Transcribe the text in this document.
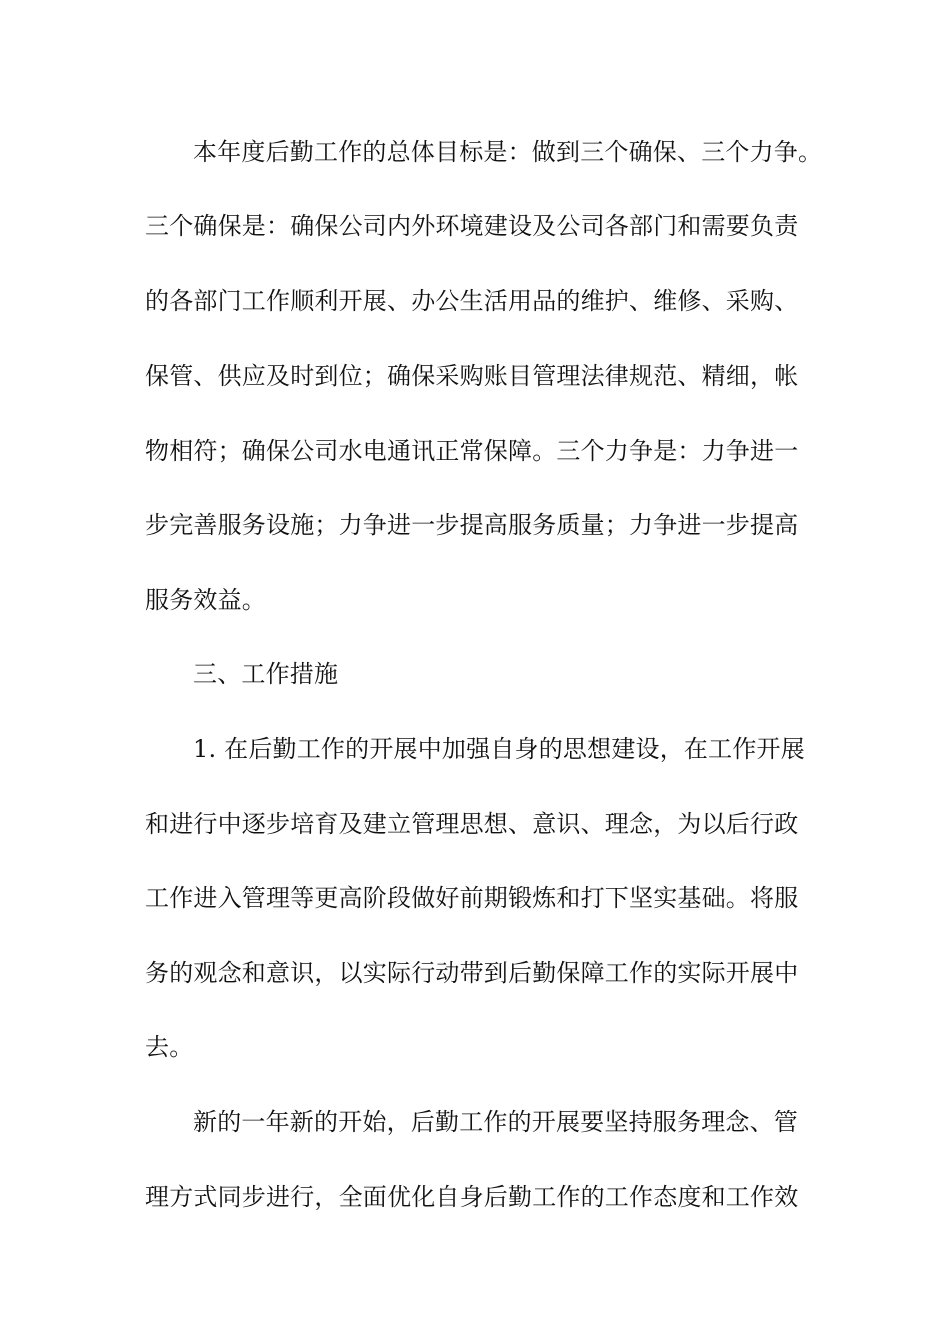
本年度后勤工作的总体目标是：做到三个确保、三个力争。
三个确保是：确保公司内外环境建设及公司各部门和需要负责
的各部门工作顺利开展、办公生活用品的维护、维修、采购、
保管、供应及时到位；确保采购账目管理法律规范、精细，帐
物相符；确保公司水电通讯正常保障。三个力争是：力争进一
步完善服务设施；力争进一步提高服务质量；力争进一步提高
服务效益。
三、工作措施
1. 在后勤工作的开展中加强自身的思想建设，在工作开展
和进行中逐步培育及建立管理思想、意识、理念，为以后行政
工作进入管理等更高阶段做好前期锻炼和打下坚实基础。将服
务的观念和意识，以实际行动带到后勤保障工作的实际开展中
去。
新的一年新的开始，后勤工作的开展要坚持服务理念、管
理方式同步进行，全面优化自身后勤工作的工作态度和工作效
